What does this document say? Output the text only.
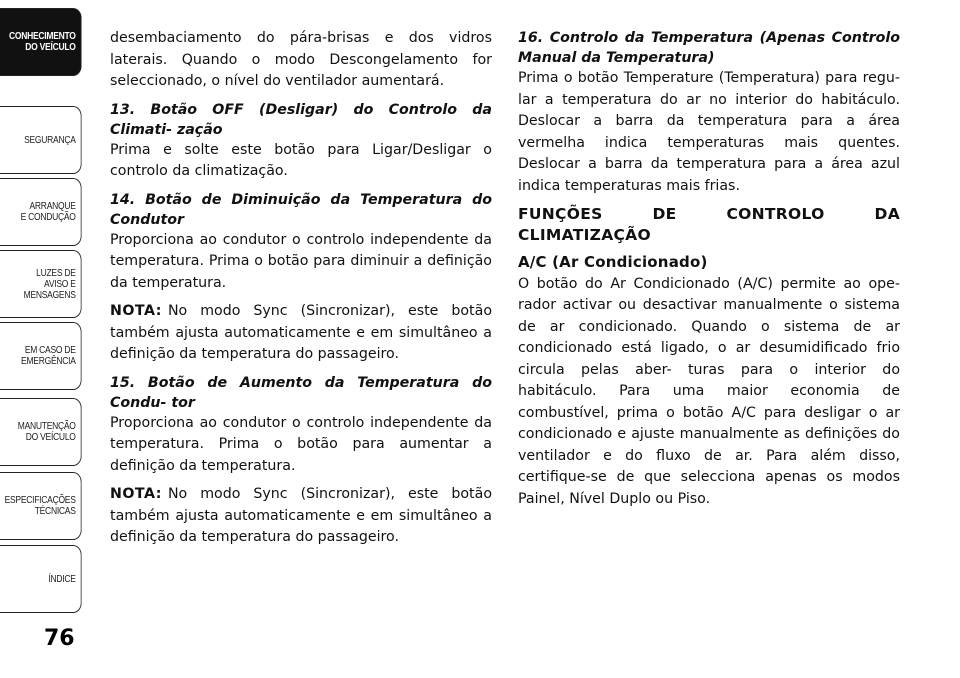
CONHECIMENTO
DO VEÍCULO
SEGURANÇA
ARRANQUE
E CONDUÇÃO
LUZES DE
AVISO E
MENSAGENS
EM CASO DE
EMERGÊNCIA
MANUTENÇÃO
DO VEÍCULO
ESPECIFICAÇÕES
TÉCNICAS
ÍNDICE
76

desembaciamento do pára-brisas e dos vidros laterais. Quando o modo Descongelamento for seleccionado, o nível do ventilador aumentará.

13. Botão OFF (Desligar) do Controlo da Climati- zação

Prima e solte este botão para Ligar/Desligar o controlo da climatização.

14. Botão de Diminuição da Temperatura do Condutor

Proporciona ao condutor o controlo independente da temperatura. Prima o botão para diminuir a definição da temperatura.

NOTA: No modo Sync (Sincronizar), este botão também ajusta automaticamente e em simultâneo a definição da temperatura do passageiro.

15. Botão de Aumento da Temperatura do Condu- tor

Proporciona ao condutor o controlo independente da temperatura. Prima o botão para aumentar a definição da temperatura.

NOTA: No modo Sync (Sincronizar), este botão também ajusta automaticamente e em simultâneo a definição da temperatura do passageiro.

16. Controlo da Temperatura (Apenas Controlo Manual da Temperatura)

Prima o botão Temperature (Temperatura) para regu- lar a temperatura do ar no interior do habitáculo. Deslocar a barra da temperatura para a área vermelha indica temperaturas mais quentes. Deslocar a barra da temperatura para a área azul indica temperaturas mais frias.

FUNÇÕES DE CONTROLO DA CLIMATIZAÇÃO

A/C (Ar Condicionado)

O botão do Ar Condicionado (A/C) permite ao ope- rador activar ou desactivar manualmente o sistema de ar condicionado. Quando o sistema de ar condicionado está ligado, o ar desumidificado frio circula pelas aber- turas para o interior do habitáculo. Para uma maior economia de combustível, prima o botão A/C para desligar o ar condicionado e ajuste manualmente as definições do ventilador e do fluxo de ar. Para além disso, certifique-se de que selecciona apenas os modos Painel, Nível Duplo ou Piso.
